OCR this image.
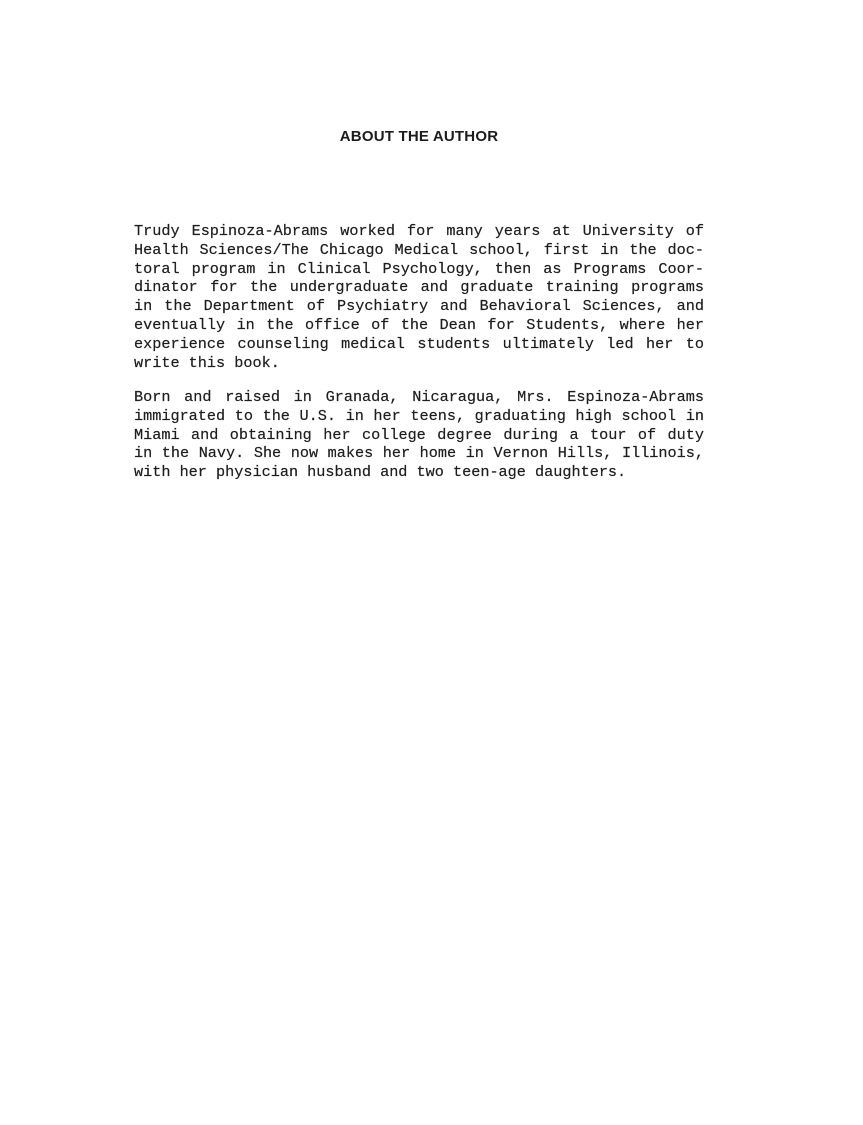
ABOUT THE AUTHOR
Trudy Espinoza-Abrams worked for many years at University of
Health Sciences/The Chicago Medical school, first in the doc-
toral program in Clinical Psychology, then as Programs Coor-
dinator for the undergraduate and graduate training programs
in the Department of Psychiatry and Behavioral Sciences, and
eventually in the office of the Dean for Students, where her
experience counseling medical students ultimately led her to
write this book.
Born and raised in Granada, Nicaragua, Mrs. Espinoza-Abrams
immigrated to the U.S. in her teens, graduating high school in
Miami and obtaining her college degree during a tour of duty
in the Navy. She now makes her home in Vernon Hills, Illinois,
with her physician husband and two teen-age daughters.
